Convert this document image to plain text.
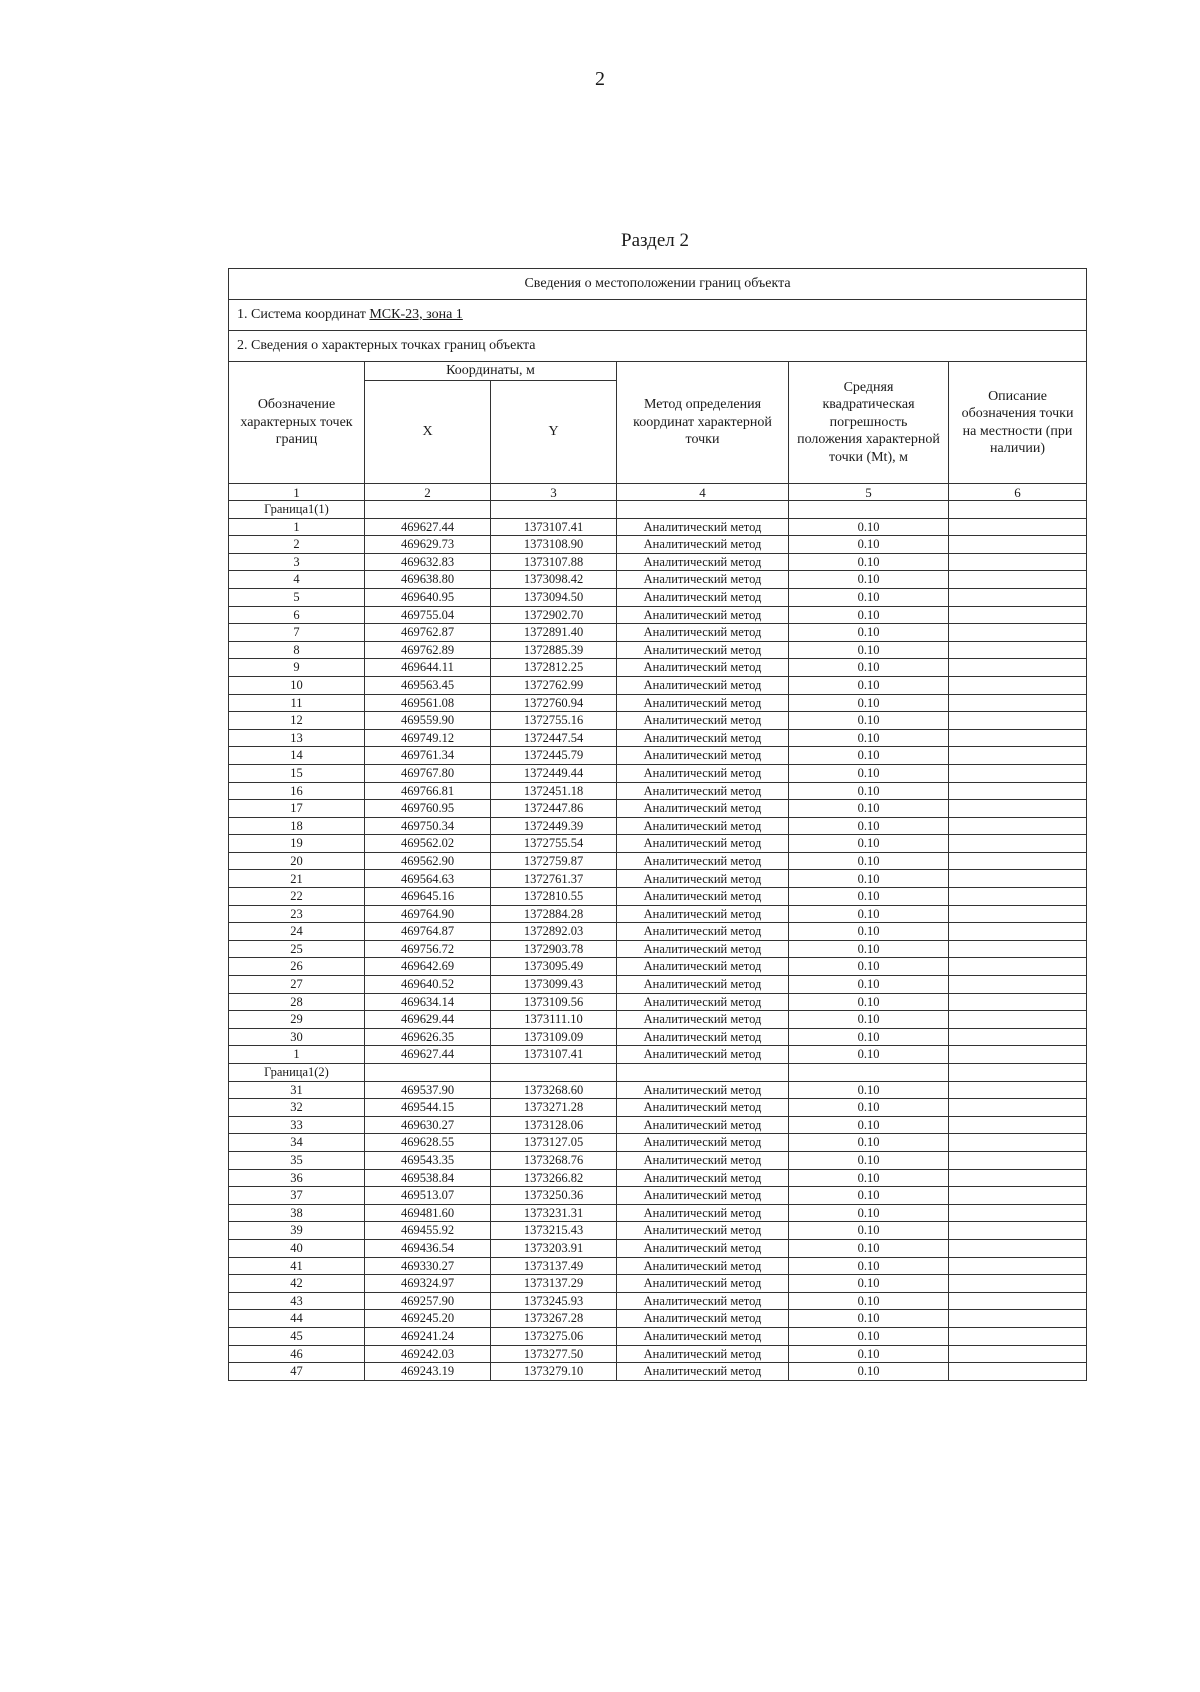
2
Раздел 2
Сведения о местоположении границ объекта					
1. Система координат МСК-23, зона 1					
2. Сведения о характерных точках границ объекта					
Обозначение характерных точек границ	Координаты, м		Метод определения координат характерной точки	Средняя квадратическая погрешность положения характерной точки (Mt), м	Описание обозначения точки на местности (при наличии)
	X	Y			
1	2	3	4	5	6
Граница1(1)					
1	469627.44	1373107.41	Аналитический метод	0.10	
2	469629.73	1373108.90	Аналитический метод	0.10	
3	469632.83	1373107.88	Аналитический метод	0.10	
4	469638.80	1373098.42	Аналитический метод	0.10	
5	469640.95	1373094.50	Аналитический метод	0.10	
6	469755.04	1372902.70	Аналитический метод	0.10	
7	469762.87	1372891.40	Аналитический метод	0.10	
8	469762.89	1372885.39	Аналитический метод	0.10	
9	469644.11	1372812.25	Аналитический метод	0.10	
10	469563.45	1372762.99	Аналитический метод	0.10	
11	469561.08	1372760.94	Аналитический метод	0.10	
12	469559.90	1372755.16	Аналитический метод	0.10	
13	469749.12	1372447.54	Аналитический метод	0.10	
14	469761.34	1372445.79	Аналитический метод	0.10	
15	469767.80	1372449.44	Аналитический метод	0.10	
16	469766.81	1372451.18	Аналитический метод	0.10	
17	469760.95	1372447.86	Аналитический метод	0.10	
18	469750.34	1372449.39	Аналитический метод	0.10	
19	469562.02	1372755.54	Аналитический метод	0.10	
20	469562.90	1372759.87	Аналитический метод	0.10	
21	469564.63	1372761.37	Аналитический метод	0.10	
22	469645.16	1372810.55	Аналитический метод	0.10	
23	469764.90	1372884.28	Аналитический метод	0.10	
24	469764.87	1372892.03	Аналитический метод	0.10	
25	469756.72	1372903.78	Аналитический метод	0.10	
26	469642.69	1373095.49	Аналитический метод	0.10	
27	469640.52	1373099.43	Аналитический метод	0.10	
28	469634.14	1373109.56	Аналитический метод	0.10	
29	469629.44	1373111.10	Аналитический метод	0.10	
30	469626.35	1373109.09	Аналитический метод	0.10	
1	469627.44	1373107.41	Аналитический метод	0.10	
Граница1(2)					
31	469537.90	1373268.60	Аналитический метод	0.10	
32	469544.15	1373271.28	Аналитический метод	0.10	
33	469630.27	1373128.06	Аналитический метод	0.10	
34	469628.55	1373127.05	Аналитический метод	0.10	
35	469543.35	1373268.76	Аналитический метод	0.10	
36	469538.84	1373266.82	Аналитический метод	0.10	
37	469513.07	1373250.36	Аналитический метод	0.10	
38	469481.60	1373231.31	Аналитический метод	0.10	
39	469455.92	1373215.43	Аналитический метод	0.10	
40	469436.54	1373203.91	Аналитический метод	0.10	
41	469330.27	1373137.49	Аналитический метод	0.10	
42	469324.97	1373137.29	Аналитический метод	0.10	
43	469257.90	1373245.93	Аналитический метод	0.10	
44	469245.20	1373267.28	Аналитический метод	0.10	
45	469241.24	1373275.06	Аналитический метод	0.10	
46	469242.03	1373277.50	Аналитический метод	0.10	
47	469243.19	1373279.10	Аналитический метод	0.10	
